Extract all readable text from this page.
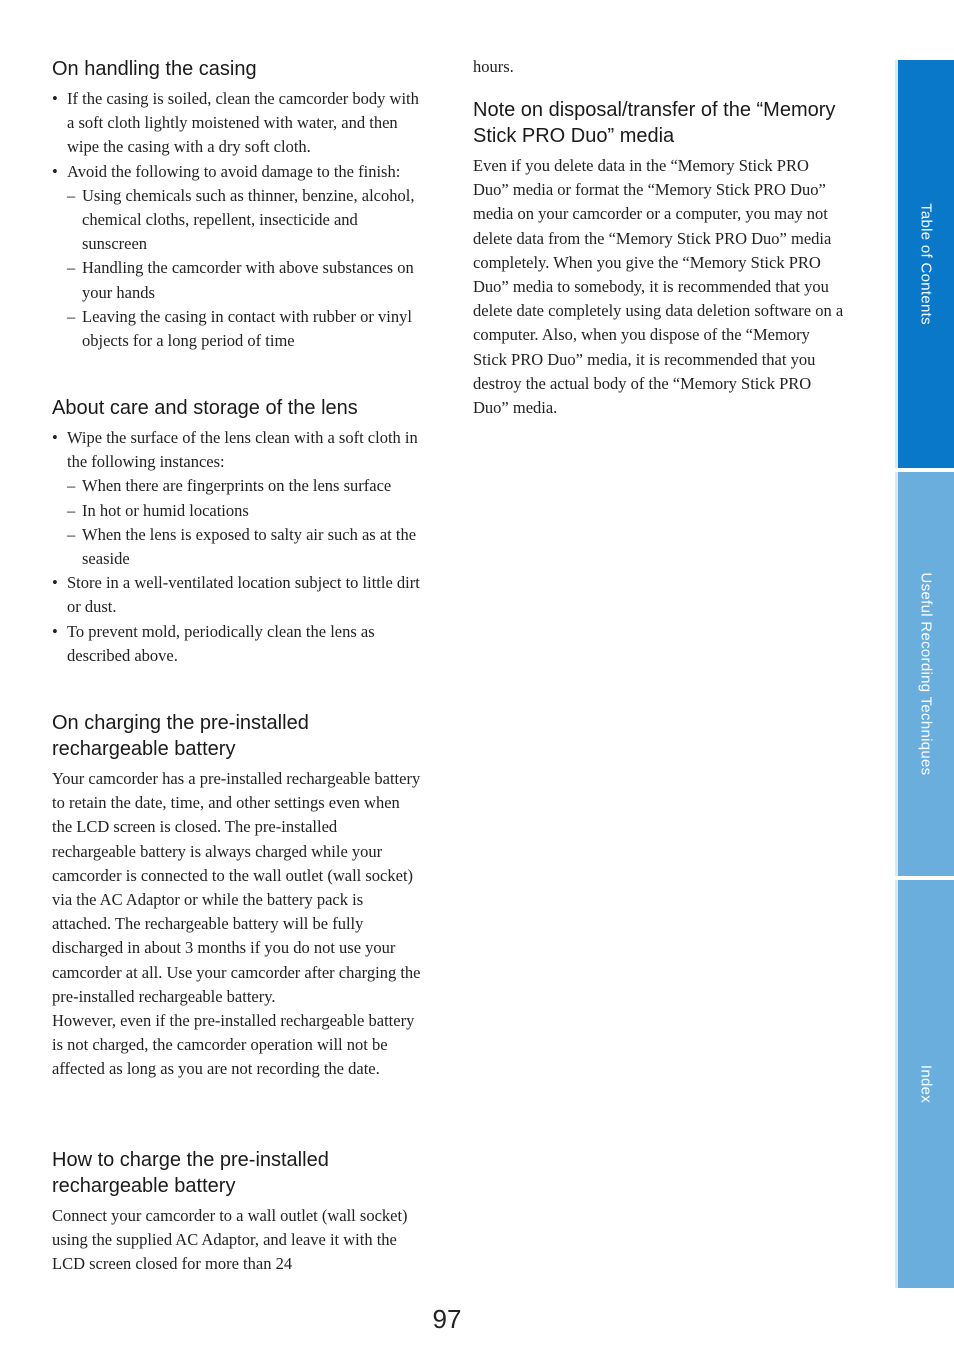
On handling the casing
• If the casing is soiled, clean the camcorder body with a soft cloth lightly moistened with water, and then wipe the casing with a dry soft cloth.
• Avoid the following to avoid damage to the finish:
– Using chemicals such as thinner, benzine, alcohol, chemical cloths, repellent, insecticide and sunscreen
– Handling the camcorder with above substances on your hands
– Leaving the casing in contact with rubber or vinyl objects for a long period of time
About care and storage of the lens
• Wipe the surface of the lens clean with a soft cloth in the following instances:
– When there are fingerprints on the lens surface
– In hot or humid locations
– When the lens is exposed to salty air such as at the seaside
• Store in a well-ventilated location subject to little dirt or dust.
• To prevent mold, periodically clean the lens as described above.
On charging the pre-installed rechargeable battery

Your camcorder has a pre-installed rechargeable battery to retain the date, time, and other settings even when the LCD screen is closed. The pre-installed rechargeable battery is always charged while your camcorder is connected to the wall outlet (wall socket) via the AC Adaptor or while the battery pack is attached. The rechargeable battery will be fully discharged in about 3 months if you do not use your camcorder at all. Use your camcorder after charging the pre-installed rechargeable battery.

However, even if the pre-installed rechargeable battery is not charged, the camcorder operation will not be affected as long as you are not recording the date.

How to charge the pre-installed rechargeable battery

Connect your camcorder to a wall outlet (wall socket) using the supplied AC Adaptor, and leave it with the LCD screen closed for more than 24

hours.

Note on disposal/transfer of the “Memory Stick PRO Duo” media

Even if you delete data in the “Memory Stick PRO Duo” media or format the “Memory Stick PRO Duo” media on your camcorder or a computer, you may not delete data from the “Memory Stick PRO Duo” media completely. When you give the “Memory Stick PRO Duo” media to somebody, it is recommended that you delete date completely using data deletion software on a computer. Also, when you dispose of the “Memory Stick PRO Duo” media, it is recommended that you destroy the actual body of the “Memory Stick PRO Duo” media.

Table of Contents
Useful Recording Techniques
Index
97
